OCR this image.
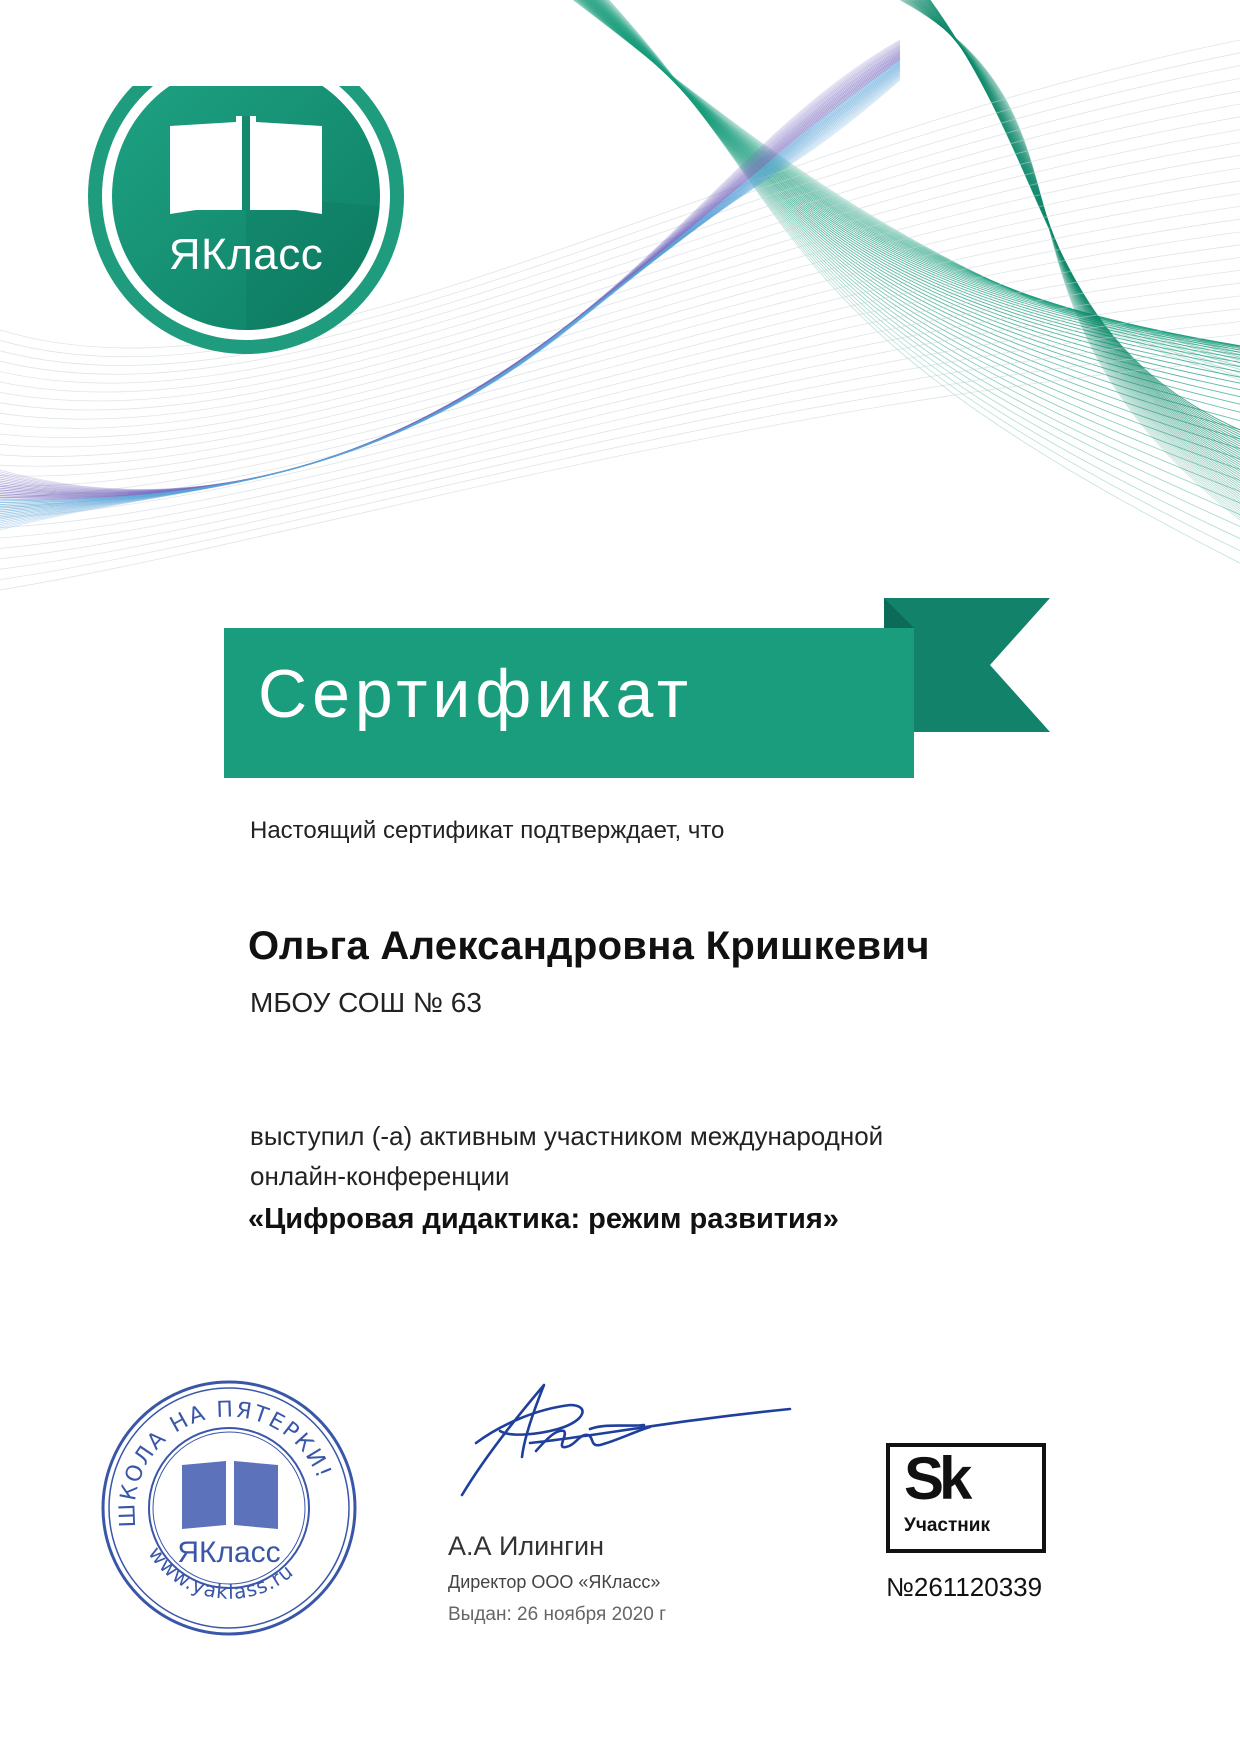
ЯКласс
Сертификат
Настоящий сертификат подтверждает, что
Ольга Александровна Кришкевич
МБОУ СОШ № 63
выступил (-а) активным участником международной
онлайн-конференции
«Цифровая дидактика: режим развития»
ШКОЛА НА ПЯТЕРКИ!
www.yaklass.ru
ЯКласс	А.А Илингин
Директор ООО «ЯКласс»
Выдан: 26 ноября 2020 г
Sk
Участник
№261120339
